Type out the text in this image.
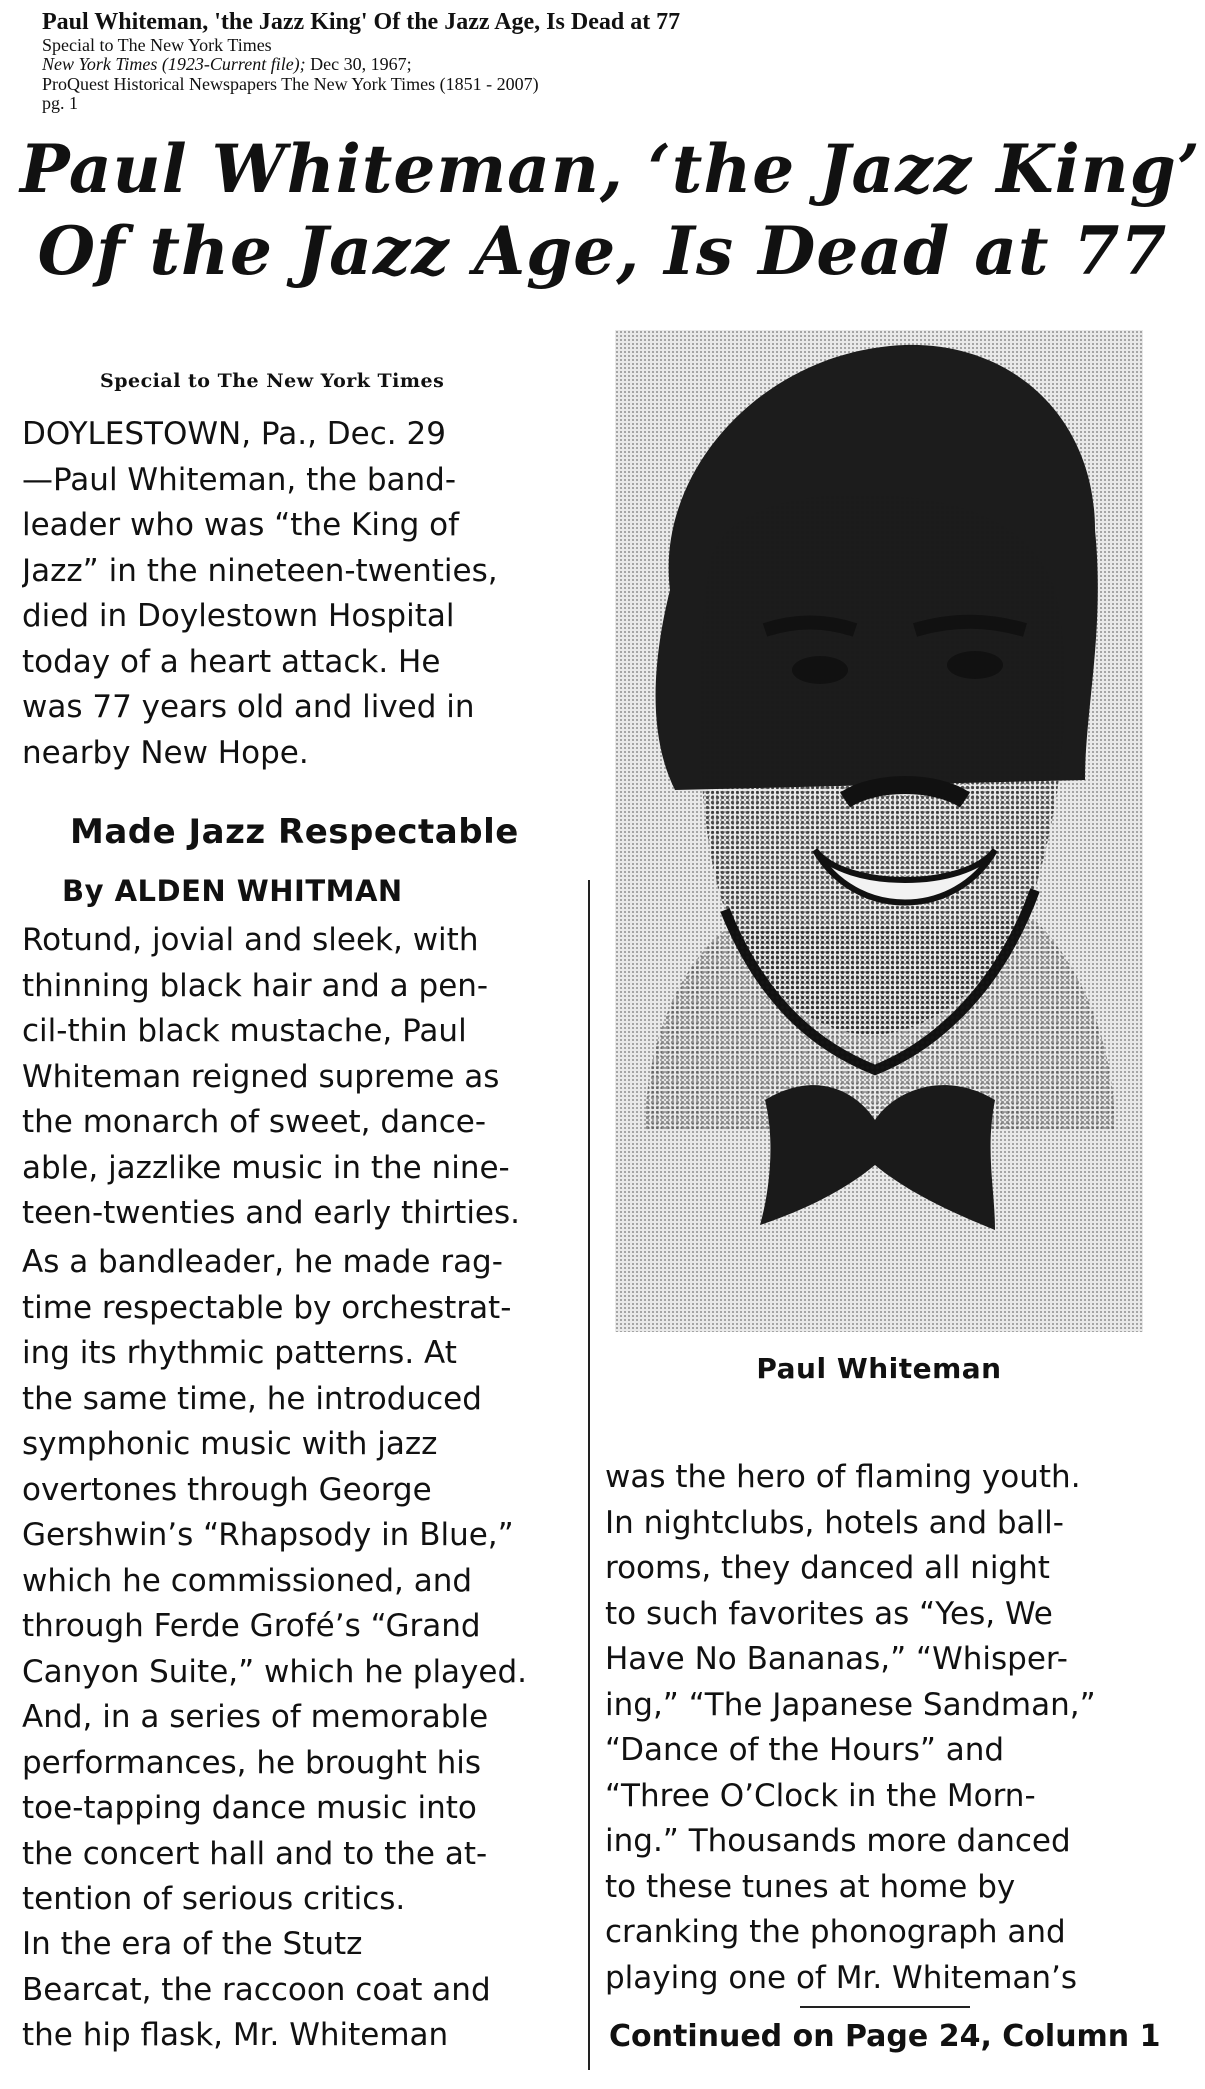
Paul Whiteman, 'the Jazz King' Of the Jazz Age, Is Dead at 77
Special to The New York Times
New York Times (1923-Current file); Dec 30, 1967;
ProQuest Historical Newspapers The New York Times (1851 - 2007)
pg. 1
Paul Whiteman, ‘the Jazz King’
Of the Jazz Age, Is Dead at 77
Special to The New York Times
DOYLESTOWN, Pa., Dec. 29
—Paul Whiteman, the band-
leader who was “the King of
Jazz” in the nineteen-twenties,
died in Doylestown Hospital
today of a heart attack. He
was 77 years old and lived in
nearby New Hope.
Made Jazz Respectable
By ALDEN WHITMAN
Rotund, jovial and sleek, with
thinning black hair and a pen-
cil-thin black mustache, Paul
Whiteman reigned supreme as
the monarch of sweet, dance-
able, jazzlike music in the nine-
teen-twenties and early thirties.
As a bandleader, he made rag-
time respectable by orchestrat-
ing its rhythmic patterns. At
the same time, he introduced
symphonic music with jazz
overtones through George
Gershwin’s “Rhapsody in Blue,”
which he commissioned, and
through Ferde Grofé’s “Grand
Canyon Suite,” which he played.
And, in a series of memorable
performances, he brought his
toe-tapping dance music into
the concert hall and to the at-
tention of serious critics.
In the era of the Stutz
Bearcat, the raccoon coat and
the hip flask, Mr. Whiteman
Paul Whiteman
was the hero of flaming youth.
In nightclubs, hotels and ball-
rooms, they danced all night
to such favorites as “Yes, We
Have No Bananas,” “Whisper-
ing,” “The Japanese Sandman,”
“Dance of the Hours” and
“Three O’Clock in the Morn-
ing.” Thousands more danced
to these tunes at home by
cranking the phonograph and
playing one of Mr. Whiteman’s
Continued on Page 24, Column 1
